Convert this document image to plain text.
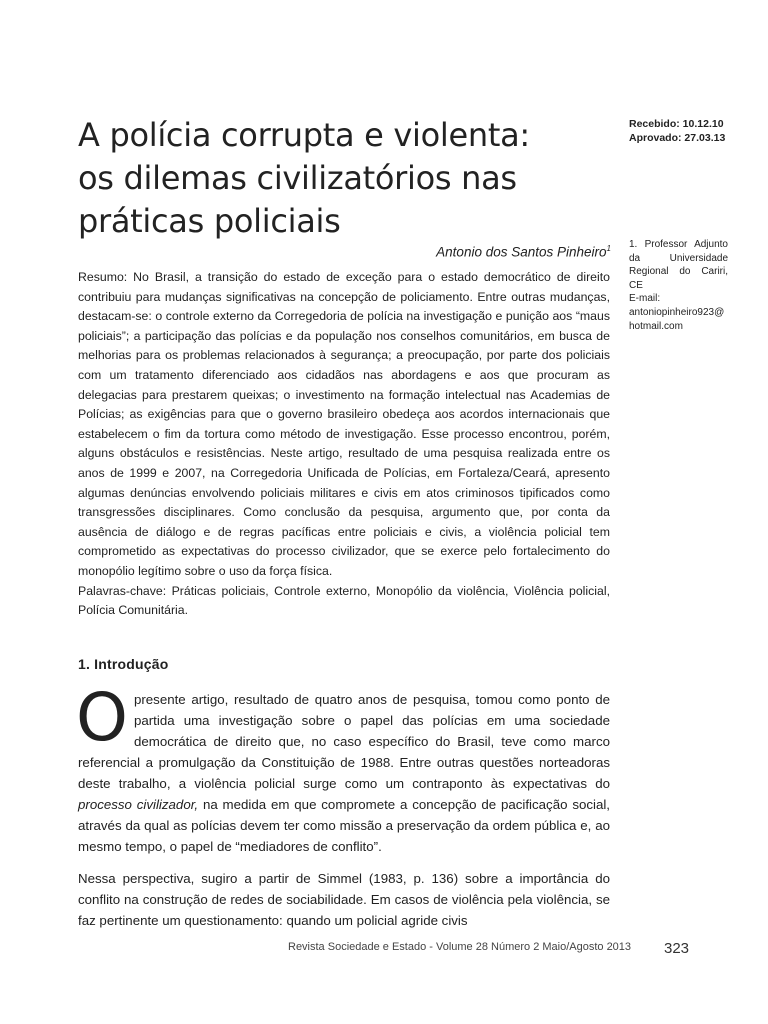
A polícia corrupta e violenta:
os dilemas civilizatórios nas
práticas policiais
Antonio dos Santos Pinheiro$^1$
Recebido: 10.12.10
Aprovado: 27.03.13
1. Professor Adjunto da Universidade Regional do Cariri, CE
E-mail: antoniopinheiro923@hotmail.com

Resumo: No Brasil, a transição do estado de exceção para o estado democrático de direito contribuiu para mudanças significativas na concepção de policiamento. Entre outras mudanças, destacam-se: o controle externo da Corregedoria de polícia na investigação e punição aos “maus policiais”; a participação das polícias e da população nos conselhos comunitários, em busca de melhorias para os problemas relacionados à segurança; a preocupação, por parte dos policiais com um tratamento diferenciado aos cidadãos nas abordagens e aos que procuram as delegacias para prestarem queixas; o investimento na formação intelectual nas Academias de Polícias; as exigências para que o governo brasileiro obedeça aos acordos internacionais que estabelecem o fim da tortura como método de investigação. Esse processo encontrou, porém, alguns obstáculos e resistências. Neste artigo, resultado de uma pesquisa realizada entre os anos de 1999 e 2007, na Corregedoria Unificada de Polícias, em Fortaleza/Ceará, apresento algumas denúncias envolvendo policiais militares e civis em atos criminosos tipificados como transgressões disciplinares. Como conclusão da pesquisa, argumento que, por conta da ausência de diálogo e de regras pacíficas entre policiais e civis, a violência policial tem comprometido as expectativas do processo civilizador, que se exerce pelo fortalecimento do monopólio legítimo sobre o uso da força física.

Palavras-chave: Práticas policiais, Controle externo, Monopólio da violência, Violência policial, Polícia Comunitária.

1. Introdução

Opresente artigo, resultado de quatro anos de pesquisa, tomou como ponto de partida uma investigação sobre o papel das polícias em uma sociedade democrática de direito que, no caso específico do Brasil, teve como marco referencial a promulgação da Constituição de 1988. Entre outras questões norteadoras deste trabalho, a violência policial surge como um contraponto às expectativas do processo civilizador, na medida em que compromete a concepção de pacificação social, através da qual as polícias devem ter como missão a preservação da ordem pública e, ao mesmo tempo, o papel de “mediadores de conflito”.

Nessa perspectiva, sugiro a partir de Simmel (1983, p. 136) sobre a importância do conflito na construção de redes de sociabilidade. Em casos de violência pela violência, se faz pertinente um questionamento: quando um policial agride civis

Revista Sociedade e Estado - Volume 28 Número 2 Maio/Agosto 2013 323
